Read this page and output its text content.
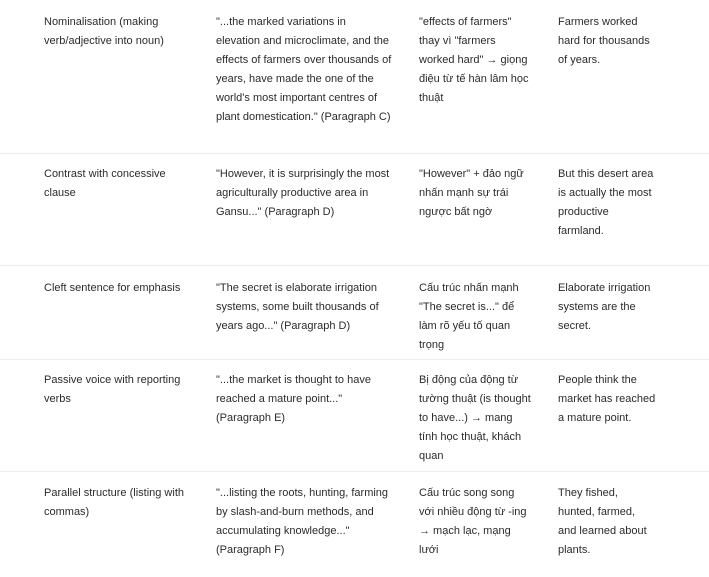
Nominalisation (making verb/adjective into noun)

"...the marked variations in elevation and microclimate, and the effects of farmers over thousands of years, have made the one of the world's most important centres of plant domestication." (Paragraph C)

"effects of farmers" thay vì "farmers worked hard" → giọng điệu từ tế hàn lâm học thuật

Farmers worked hard for thousands of years.

Contrast with concessive clause

"However, it is surprisingly the most agriculturally productive area in Gansu..." (Paragraph D)

"However" + đảo ngữ nhấn mạnh sự trái ngược bất ngờ

But this desert area is actually the most productive farmland.

Cleft sentence for emphasis	"The secret is elaborate irrigation systems, some built thousands of years ago..." (Paragraph D)

Cấu trúc nhấn mạnh "The secret is..." để làm rõ yếu tố quan trọng

Elaborate irrigation systems are the secret.

Passive voice with reporting verbs

"...the market is thought to have reached a mature point..." (Paragraph E)

Bị động của động từ tường thuật (is thought to have...) → mang tính học thuật, khách quan

People think the market has reached a mature point.

Parallel structure (listing with commas)

"...listing the roots, hunting, farming by slash-and-burn methods, and accumulating knowledge..." (Paragraph F)

Cấu trúc song song với nhiều động từ -ing → mạch lạc, mạng lưới

They fished, hunted, farmed, and learned about plants.
